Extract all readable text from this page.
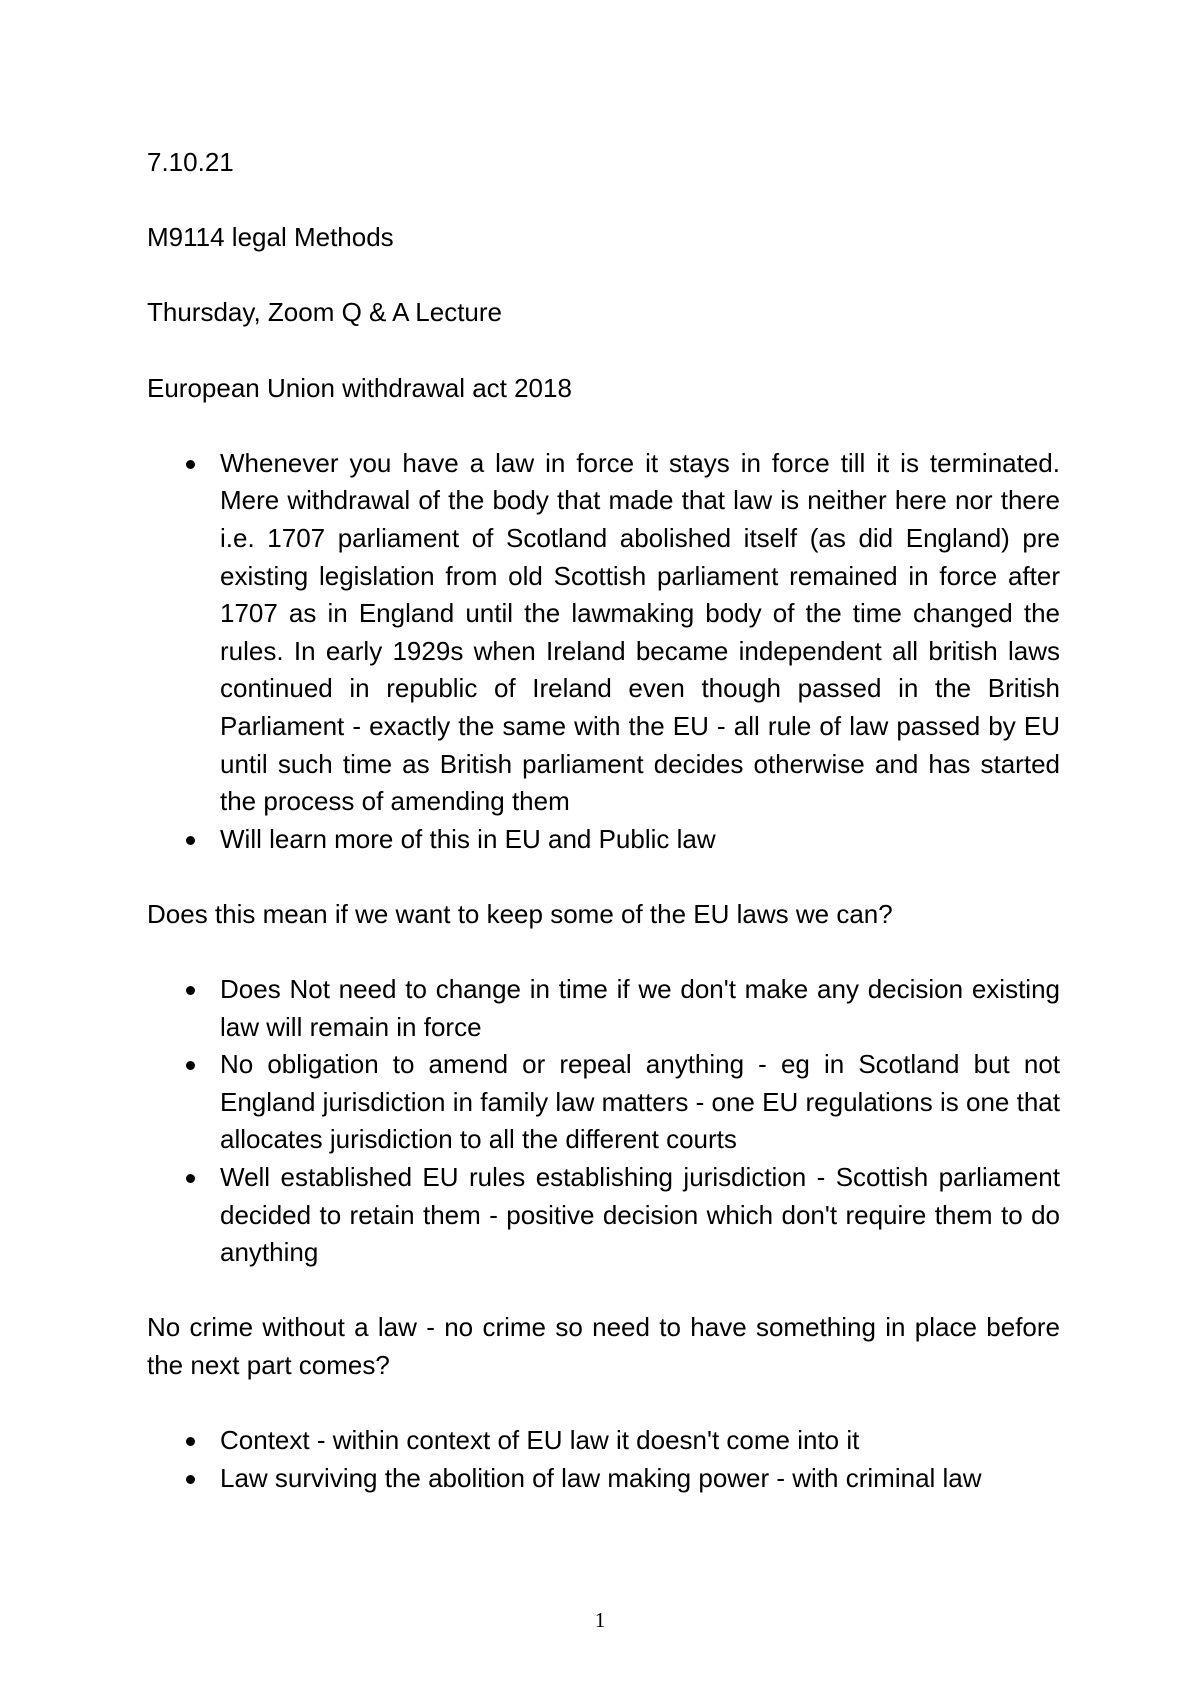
7.10.21

M9114 legal Methods

Thursday, Zoom Q & A Lecture

European Union withdrawal act 2018

Whenever you have a law in force it stays in force till it is terminated. Mere withdrawal of the body that made that law is neither here nor there i.e. 1707 parliament of Scotland abolished itself (as did England) pre existing legislation from old Scottish parliament remained in force after 1707 as in England until the lawmaking body of the time changed the rules. In early 1929s when Ireland became independent all british laws continued in republic of Ireland even though passed in the British Parliament - exactly the same with the EU - all rule of law passed by EU until such time as British parliament decides otherwise and has started the process of amending them
Will learn more of this in EU and Public law

Does this mean if we want to keep some of the EU laws we can?

Does Not need to change in time if we don't make any decision existing law will remain in force
No obligation to amend or repeal anything - eg in Scotland but not England jurisdiction in family law matters - one EU regulations is one that allocates jurisdiction to all the different courts
Well established EU rules establishing jurisdiction - Scottish parliament decided to retain them - positive decision which don't require them to do anything

No crime without a law - no crime so need to have something in place before the next part comes?

Context - within context of EU law it doesn't come into it
Law surviving the abolition of law making power - with criminal law
1
